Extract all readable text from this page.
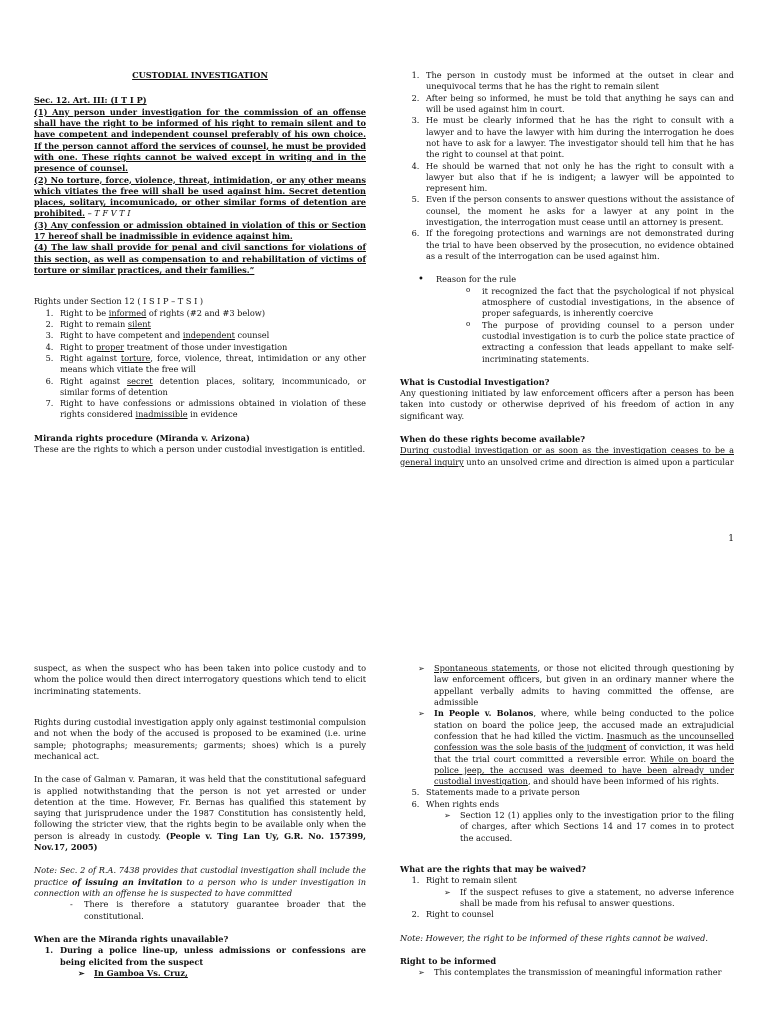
CUSTODIAL INVESTIGATION

Sec. 12. Art. III: (I T I P)

(1) Any person under investigation for the commission of an offense shall have the right to be informed of his right to remain silent and to have competent and independent counsel preferably of his own choice. If the person cannot afford the services of counsel, he must be provided with one. These rights cannot be waived except in writing and in the presence of counsel.

(2) No torture, force, violence, threat, intimidation, or any other means which vitiates the free will shall be used against him. Secret detention places, solitary, incomunicado, or other similar forms of detention are prohibited. – T F V T I

(3) Any confession or admission obtained in violation of this or Section 17 hereof shall be inadmissible in evidence against him.

(4) The law shall provide for penal and civil sanctions for violations of this section, as well as compensation to and rehabilitation of victims of torture or similar practices, and their families.”

Rights under Section 12 ( I S I P – T S I )

1. Right to be informed of rights (#2 and #3 below)
2. Right to remain silent
3. Right to have competent and independent counsel
4. Right to proper treatment of those under investigation
5. Right against torture, force, violence, threat, intimidation or any other means which vitiate the free will
6. Right against secret detention places, solitary, incommunicado, or similar forms of detention
7. Right to have confessions or admissions obtained in violation of these rights considered inadmissible in evidence

Miranda rights procedure (Miranda v. Arizona)

These are the rights to which a person under custodial investigation is entitled.

1. The person in custody must be informed at the outset in clear and unequivocal terms that he has the right to remain silent
2. After being so informed, he must be told that anything he says can and will be used against him in court.
3. He must be clearly informed that he has the right to consult with a lawyer and to have the lawyer with him during the interrogation he does not have to ask for a lawyer. The investigator should tell him that he has the right to counsel at that point.
4. He should be warned that not only he has the right to consult with a lawyer but also that if he is indigent; a lawyer will be appointed to represent him.
5. Even if the person consents to answer questions without the assistance of counsel, the moment he asks for a lawyer at any point in the investigation, the interrogation must cease until an attorney is present.
6. If the foregoing protections and warnings are not demonstrated during the trial to have been observed by the prosecution, no evidence obtained as a result of the interrogation can be used against him.
• Reason for the rule
o it recognized the fact that the psychological if not physical atmosphere of custodial investigations, in the absence of proper safeguards, is inherently coercive
o The purpose of providing counsel to a person under custodial investigation is to curb the police state practice of extracting a confession that leads appellant to make self-incriminating statements.

What is Custodial Investigation?

Any questioning initiated by law enforcement officers after a person has been taken into custody or otherwise deprived of his freedom of action in any significant way.

When do these rights become available?

During custodial investigation or as soon as the investigation ceases to be a general inquiry unto an unsolved crime and direction is aimed upon a particular

1

suspect, as when the suspect who has been taken into police custody and to whom the police would then direct interrogatory questions which tend to elicit incriminating statements.

Rights during custodial investigation apply only against testimonial compulsion and not when the body of the accused is proposed to be examined (i.e. urine sample; photographs; measurements; garments; shoes) which is a purely mechanical act.

In the case of Galman v. Pamaran, it was held that the constitutional safeguard is applied notwithstanding that the person is not yet arrested or under detention at the time. However, Fr. Bernas has qualified this statement by saying that jurisprudence under the 1987 Constitution has consistently held, following the stricter view, that the rights begin to be available only when the person is already in custody. (People v. Ting Lan Uy, G.R. No. 157399, Nov.17, 2005)

Note: Sec. 2 of R.A. 7438 provides that custodial investigation shall include the practice of issuing an invitation to a person who is under investigation in connection with an offense he is suspected to have committed

- There is therefore a statutory guarantee broader that the constitutional.

When are the Miranda rights unavailable?

1. During a police line-up, unless admissions or confessions are being elicited from the suspect
➢ In Gamboa Vs. Cruz,
➢ Spontaneous statements, or those not elicited through questioning by law enforcement officers, but given in an ordinary manner where the appellant verbally admits to having committed the offense, are admissible
➢ In People v. Bolanos, where, while being conducted to the police station on board the police jeep, the accused made an extrajudicial confession that he had killed the victim. Inasmuch as the uncounselled confession was the sole basis of the judgment of conviction, it was held that the trial court committed a reversible error. While on board the police jeep, the accused was deemed to have been already under custodial investigation, and should have been informed of his rights.
5. Statements made to a private person
6. When rights ends
➢ Section 12 (1) applies only to the investigation prior to the filing of charges, after which Sections 14 and 17 comes in to protect the accused.

What are the rights that may be waived?

1. Right to remain silent
➢ If the suspect refuses to give a statement, no adverse inference shall be made from his refusal to answer questions.
2. Right to counsel

Note: However, the right to be informed of these rights cannot be waived.

Right to be informed

➢ This contemplates the transmission of meaningful information rather
